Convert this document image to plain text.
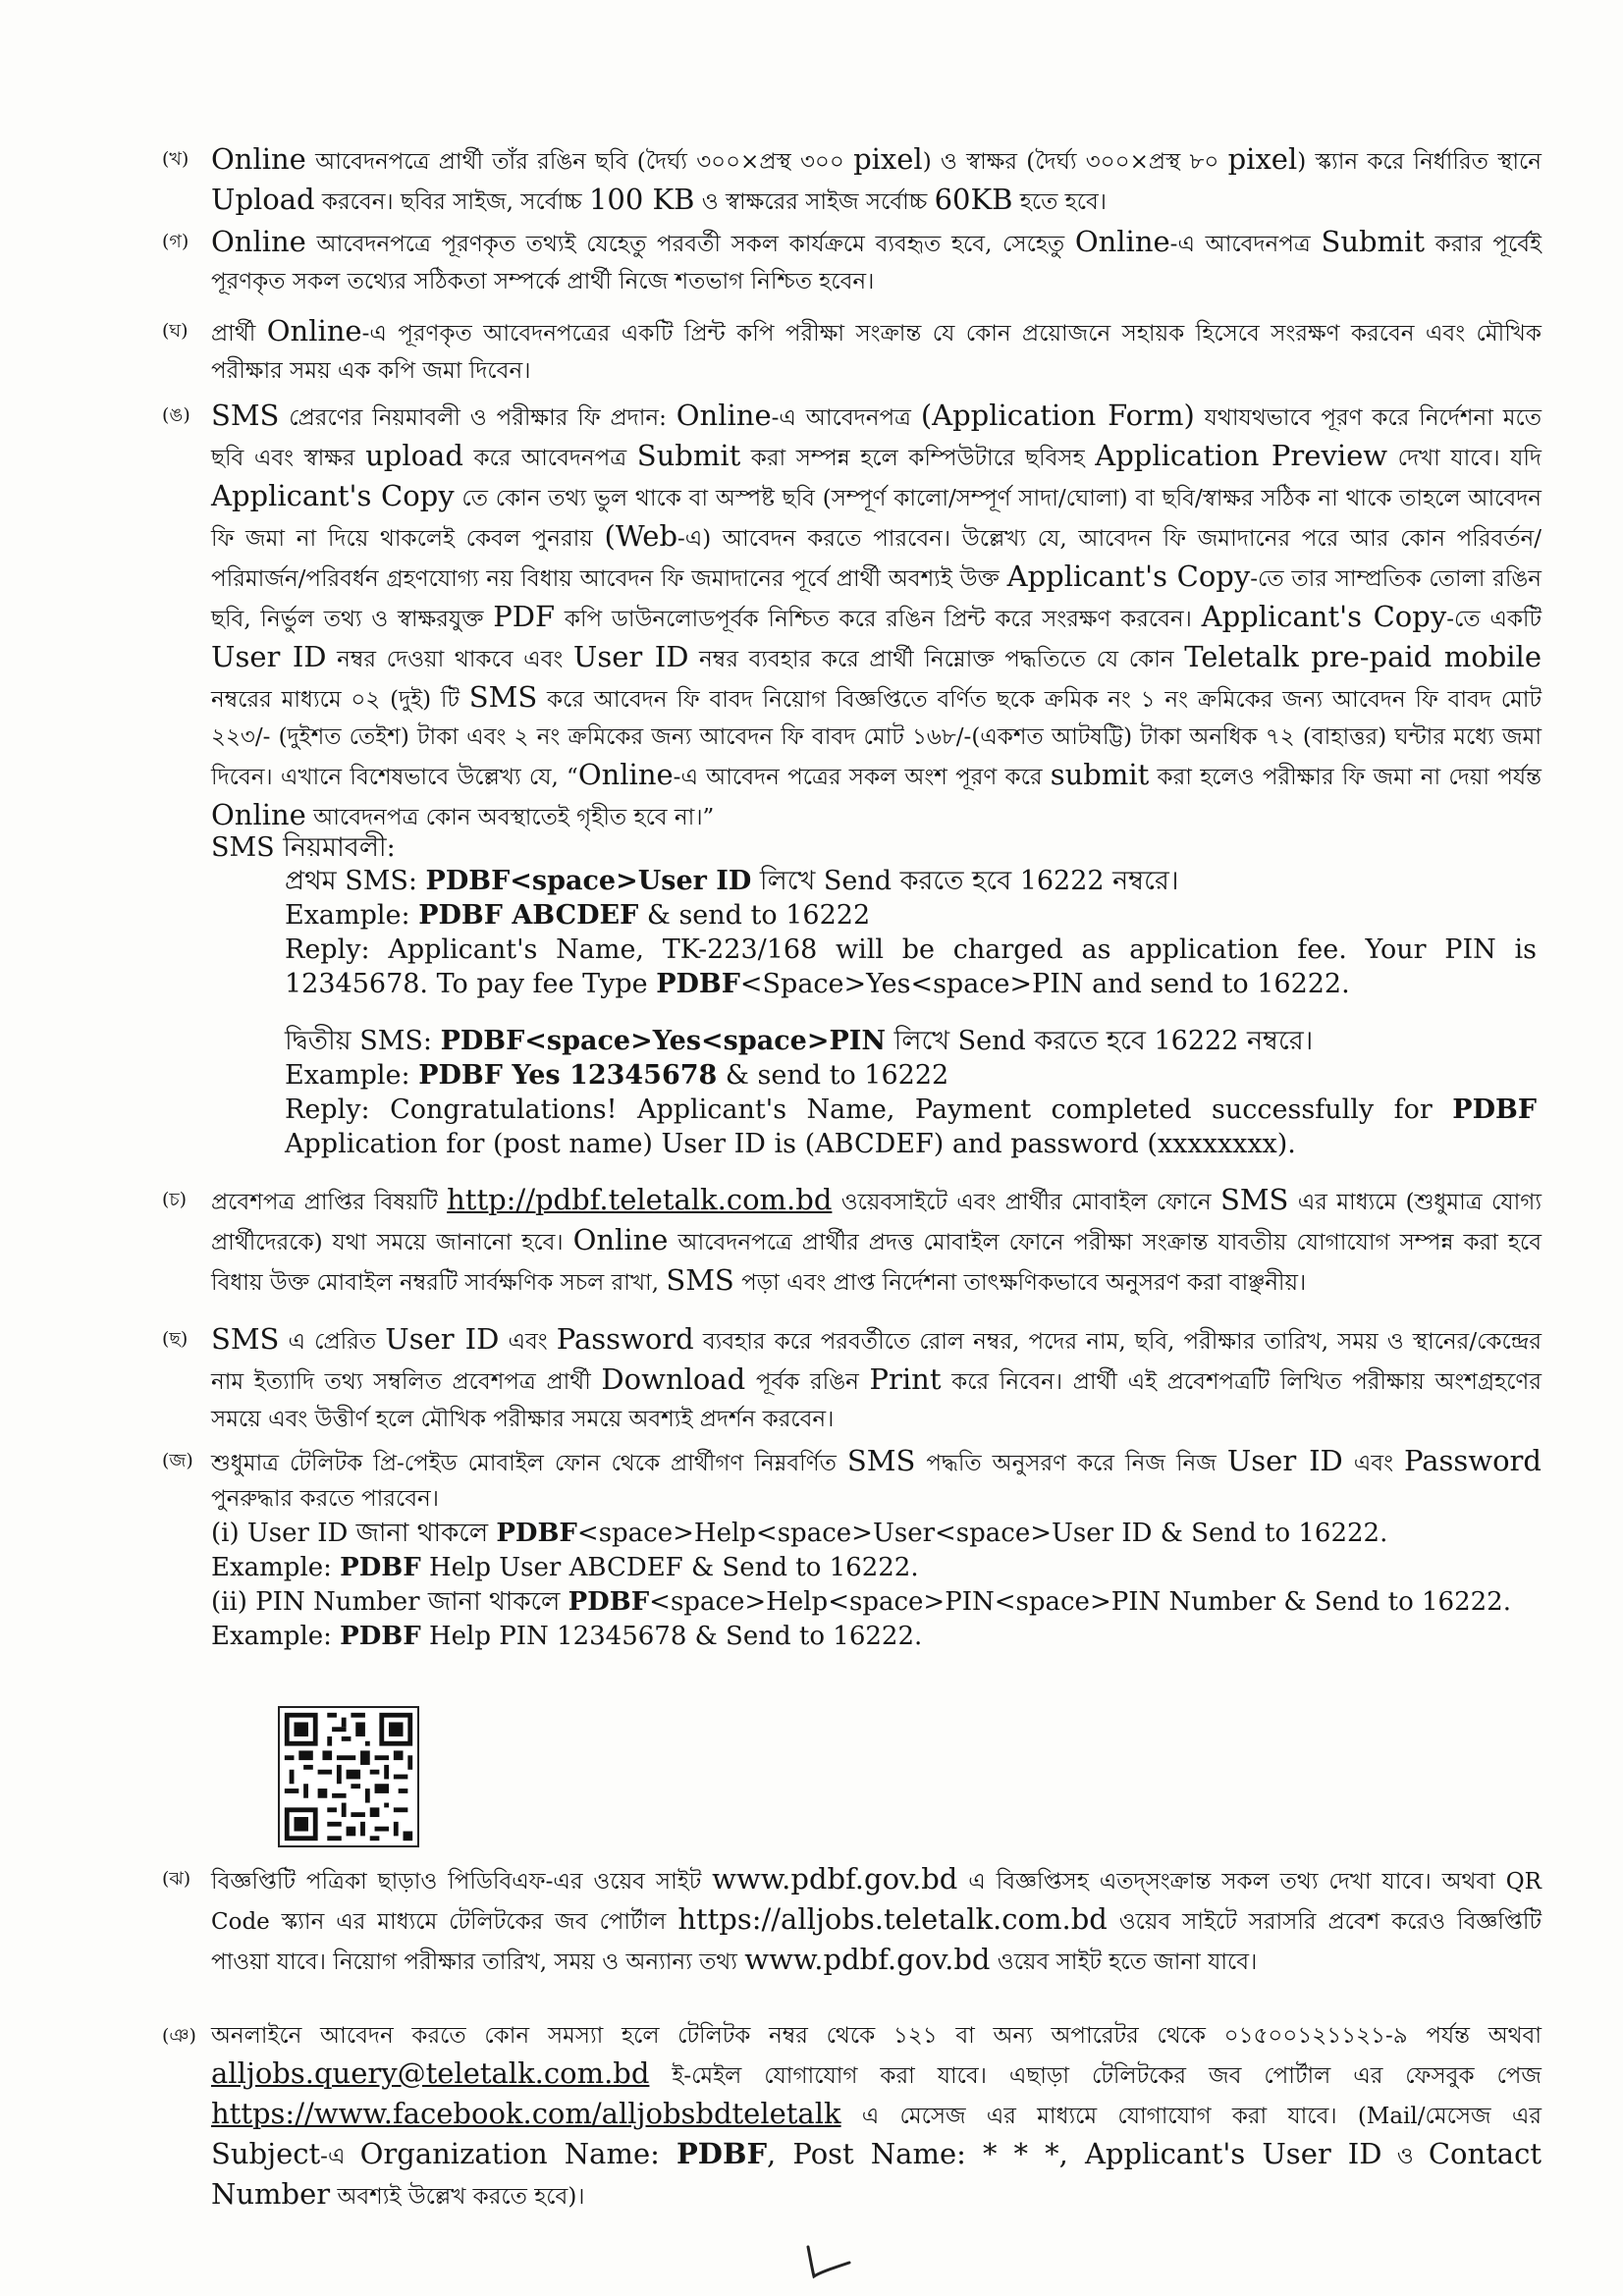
(খ) Online আবেদনপত্রে প্রার্থী তাঁর রঙিন ছবি (দৈর্ঘ্য ৩০০×প্রস্থ ৩০০ pixel) ও স্বাক্ষর (দৈর্ঘ্য ৩০০×প্রস্থ ৮০ pixel) স্ক্যান করে নির্ধারিত স্থানে Upload করবেন। ছবির সাইজ, সর্বোচ্চ 100 KB ও স্বাক্ষরের সাইজ সর্বোচ্চ 60KB হতে হবে।
(গ) Online আবেদনপত্রে পূরণকৃত তথ্যই যেহেতু পরবর্তী সকল কার্যক্রমে ব্যবহৃত হবে, সেহেতু Online-এ আবেদনপত্র Submit করার পূর্বেই পূরণকৃত সকল তথ্যের সঠিকতা সম্পর্কে প্রার্থী নিজে শতভাগ নিশ্চিত হবেন।
(ঘ) প্রার্থী Online-এ পূরণকৃত আবেদনপত্রের একটি প্রিন্ট কপি পরীক্ষা সংক্রান্ত যে কোন প্রয়োজনে সহায়ক হিসেবে সংরক্ষণ করবেন এবং মৌখিক পরীক্ষার সময় এক কপি জমা দিবেন।
(ঙ) SMS প্রেরণের নিয়মাবলী ও পরীক্ষার ফি প্রদান: Online-এ আবেদনপত্র (Application Form) যথাযথভাবে পূরণ করে নির্দেশনা মতে ছবি এবং স্বাক্ষর upload করে আবেদনপত্র Submit করা সম্পন্ন হলে কম্পিউটারে ছবিসহ Application Preview দেখা যাবে। যদি Applicant's Copy তে কোন তথ্য ভুল থাকে বা অস্পষ্ট ছবি (সম্পূর্ণ কালো/সম্পূর্ণ সাদা/ঘোলা) বা ছবি/স্বাক্ষর সঠিক না থাকে তাহলে আবেদন ফি জমা না দিয়ে থাকলেই কেবল পুনরায় (Web-এ) আবেদন করতে পারবেন। উল্লেখ্য যে, আবেদন ফি জমাদানের পরে আর কোন পরিবর্তন/পরিমার্জন/পরিবর্ধন গ্রহণযোগ্য নয় বিধায় আবেদন ফি জমাদানের পূর্বে প্রার্থী অবশ্যই উক্ত Applicant's Copy-তে তার সাম্প্রতিক তোলা রঙিন ছবি, নির্ভুল তথ্য ও স্বাক্ষরযুক্ত PDF কপি ডাউনলোডপূর্বক নিশ্চিত করে রঙিন প্রিন্ট করে সংরক্ষণ করবেন। Applicant's Copy-তে একটি User ID নম্বর দেওয়া থাকবে এবং User ID নম্বর ব্যবহার করে প্রার্থী নিম্নোক্ত পদ্ধতিতে যে কোন Teletalk pre-paid mobile নম্বরের মাধ্যমে ০২ (দুই) টি SMS করে আবেদন ফি বাবদ নিয়োগ বিজ্ঞপ্তিতে বর্ণিত ছকে ক্রমিক নং ১ নং ক্রমিকের জন্য আবেদন ফি বাবদ মোট ২২৩/- (দুইশত তেইশ) টাকা এবং ২ নং ক্রমিকের জন্য আবেদন ফি বাবদ মোট ১৬৮/-(একশত আটষট্টি) টাকা অনধিক ৭২ (বাহাত্তর) ঘন্টার মধ্যে জমা দিবেন। এখানে বিশেষভাবে উল্লেখ্য যে, “Online-এ আবেদন পত্রের সকল অংশ পূরণ করে submit করা হলেও পরীক্ষার ফি জমা না দেয়া পর্যন্ত Online আবেদনপত্র কোন অবস্থাতেই গৃহীত হবে না।”
SMS নিয়মাবলী:
প্রথম SMS: PDBF<space>User ID লিখে Send করতে হবে 16222 নম্বরে।
Example: PDBF ABCDEF & send to 16222
Reply: Applicant's Name, TK-223/168 will be charged as application fee. Your PIN is 12345678. To pay fee Type PDBF<Space>Yes<space>PIN and send to 16222.
দ্বিতীয় SMS: PDBF<space>Yes<space>PIN লিখে Send করতে হবে 16222 নম্বরে।
Example: PDBF Yes 12345678 & send to 16222
Reply: Congratulations! Applicant's Name, Payment completed successfully for PDBF Application for (post name) User ID is (ABCDEF) and password (xxxxxxxx).
(চ) প্রবেশপত্র প্রাপ্তির বিষয়টি http://pdbf.teletalk.com.bd ওয়েবসাইটে এবং প্রার্থীর মোবাইল ফোনে SMS এর মাধ্যমে (শুধুমাত্র যোগ্য প্রার্থীদেরকে) যথা সময়ে জানানো হবে। Online আবেদনপত্রে প্রার্থীর প্রদত্ত মোবাইল ফোনে পরীক্ষা সংক্রান্ত যাবতীয় যোগাযোগ সম্পন্ন করা হবে বিধায় উক্ত মোবাইল নম্বরটি সার্বক্ষণিক সচল রাখা, SMS পড়া এবং প্রাপ্ত নির্দেশনা তাৎক্ষণিকভাবে অনুসরণ করা বাঞ্ছনীয়।
(ছ) SMS এ প্রেরিত User ID এবং Password ব্যবহার করে পরবর্তীতে রোল নম্বর, পদের নাম, ছবি, পরীক্ষার তারিখ, সময় ও স্থানের/কেন্দ্রের নাম ইত্যাদি তথ্য সম্বলিত প্রবেশপত্র প্রার্থী Download পূর্বক রঙিন Print করে নিবেন। প্রার্থী এই প্রবেশপত্রটি লিখিত পরীক্ষায় অংশগ্রহণের সময়ে এবং উত্তীর্ণ হলে মৌখিক পরীক্ষার সময়ে অবশ্যই প্রদর্শন করবেন।
(জ) শুধুমাত্র টেলিটক প্রি-পেইড মোবাইল ফোন থেকে প্রার্থীগণ নিম্নবর্ণিত SMS পদ্ধতি অনুসরণ করে নিজ নিজ User ID এবং Password পুনরুদ্ধার করতে পারবেন।
(i) User ID জানা থাকলে PDBF<space>Help<space>User<space>User ID & Send to 16222.
Example: PDBF Help User ABCDEF & Send to 16222.
(ii) PIN Number জানা থাকলে PDBF<space>Help<space>PIN<space>PIN Number & Send to 16222.
Example: PDBF Help PIN 12345678 & Send to 16222.
(ঝ) বিজ্ঞপ্তিটি পত্রিকা ছাড়াও পিডিবিএফ-এর ওয়েব সাইট www.pdbf.gov.bd এ বিজ্ঞপ্তিসহ এতদ্‌সংক্রান্ত সকল তথ্য দেখা যাবে। অথবা QR Code স্ক্যান এর মাধ্যমে টেলিটকের জব পোর্টাল https://alljobs.teletalk.com.bd ওয়েব সাইটে সরাসরি প্রবেশ করেও বিজ্ঞপ্তিটি পাওয়া যাবে। নিয়োগ পরীক্ষার তারিখ, সময় ও অন্যান্য তথ্য www.pdbf.gov.bd ওয়েব সাইট হতে জানা যাবে।
(ঞ) অনলাইনে আবেদন করতে কোন সমস্যা হলে টেলিটক নম্বর থেকে ১২১ বা অন্য অপারেটর থেকে ০১৫০০১২১১২১-৯ পর্যন্ত অথবা alljobs.query@teletalk.com.bd ই-মেইল যোগাযোগ করা যাবে। এছাড়া টেলিটকের জব পোর্টাল এর ফেসবুক পেজ https://www.facebook.com/alljobsbdteletalk এ মেসেজ এর মাধ্যমে যোগাযোগ করা যাবে। (Mail/মেসেজ এর Subject-এ Organization Name: PDBF, Post Name: * * *, Applicant's User ID ও Contact Number অবশ্যই উল্লেখ করতে হবে)।
